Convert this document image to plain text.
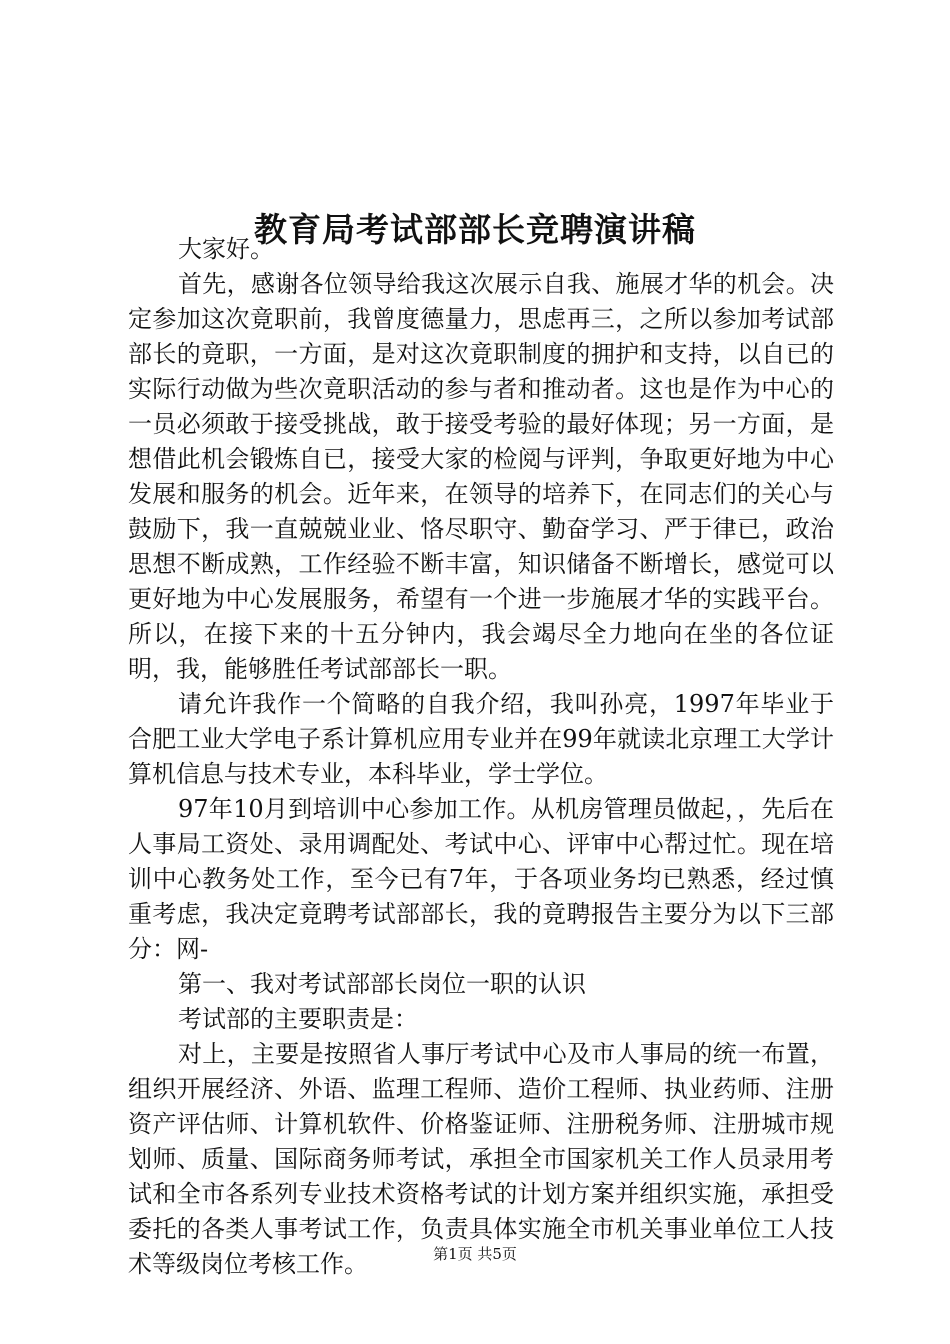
教育局考试部部长竞聘演讲稿

大家好。

首先，感谢各位领导给我这次展示自我、施展才华的机会。决定参加这次竟职前，我曾度德量力，思虑再三，之所以参加考试部部长的竟职，一方面，是对这次竟职制度的拥护和支持，以自已的实际行动做为些次竟职活动的参与者和推动者。这也是作为中心的一员必须敢于接受挑战，敢于接受考验的最好体现；另一方面，是想借此机会锻炼自已，接受大家的检阅与评判，争取更好地为中心发展和服务的机会。近年来，在领导的培养下，在同志们的关心与鼓励下，我一直兢兢业业、恪尽职守、勤奋学习、严于律已，政治思想不断成熟，工作经验不断丰富，知识储备不断增长，感觉可以更好地为中心发展服务，希望有一个进一步施展才华的实践平台。所以，在接下来的十五分钟内，我会竭尽全力地向在坐的各位证明，我，能够胜任考试部部长一职。

请允许我作一个简略的自我介绍，我叫孙亮，1997年毕业于合肥工业大学电子系计算机应用专业并在99年就读北京理工大学计算机信息与技术专业，本科毕业，学士学位。

97年10月到培训中心参加工作。从机房管理员做起，，先后在人事局工资处、录用调配处、考试中心、评审中心帮过忙。现在培训中心教务处工作，至今已有7年，于各项业务均已熟悉，经过慎重考虑，我决定竟聘考试部部长，我的竟聘报告主要分为以下三部分：网-

第一、我对考试部部长岗位一职的认识

考试部的主要职责是：

对上，主要是按照省人事厅考试中心及市人事局的统一布置，组织开展经济、外语、监理工程师、造价工程师、执业药师、注册资产评估师、计算机软件、价格鉴证师、注册税务师、注册城市规划师、质量、国际商务师考试，承担全市国家机关工作人员录用考试和全市各系列专业技术资格考试的计划方案并组织实施，承担受委托的各类人事考试工作，负责具体实施全市机关事业单位工人技术等级岗位考核工作。	第1页 共5页
